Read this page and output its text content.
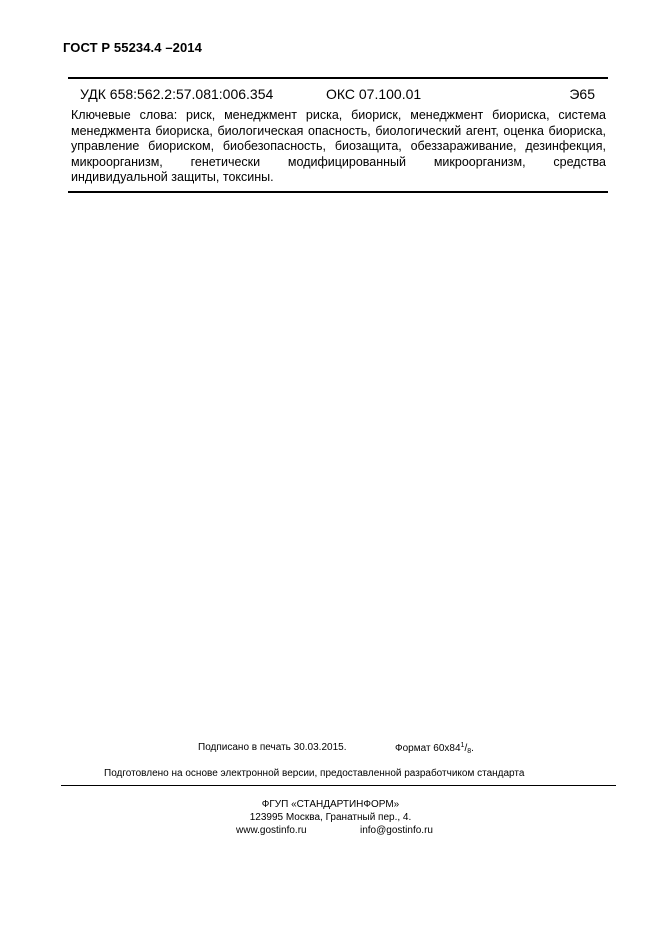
ГОСТ Р 55234.4 –2014
УДК 658:562.2:57.081:006.354	ОКС 07.100.01	Э65
Ключевые слова: риск, менеджмент риска, биориск, менеджмент биориска, система менеджмента биориска, биологическая опасность, биологический агент, оценка биориска, управление биориском, биобезопасность, биозащита, обеззараживание, дезинфекция, микроорганизм, генетически модифицированный микроорганизм, средства индивидуальной защиты, токсины.
Подписано в печать 30.03.2015.	Формат $60х84^1/_8$.
Подготовлено на основе электронной версии, предоставленной разработчиком стандарта
ФГУП «СТАНДАРТИНФОРМ»
123995 Москва, Гранатный пер., 4.
www.gostinfo.ru	info@gostinfo.ru
